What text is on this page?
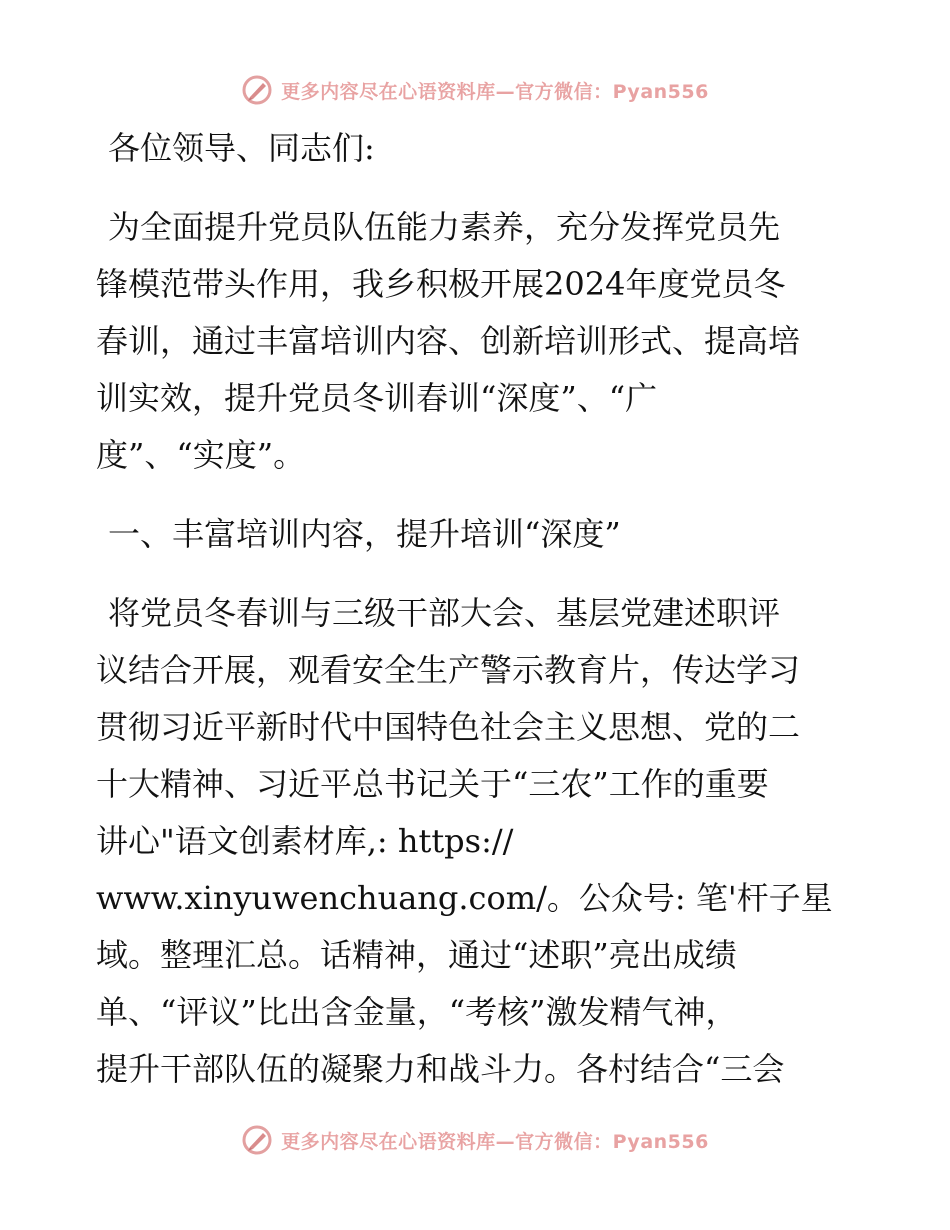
更多内容尽在心语资料库—官方微信：Pyan556
各位领导、同志们:
为全面提升党员队伍能力素养，充分发挥党员先
锋模范带头作用，我乡积极开展2024年度党员冬
春训，通过丰富培训内容、创新培训形式、提高培
训实效，提升党员冬训春训“深度”、“广
度”、“实度”。
一、丰富培训内容，提升培训“深度”
将党员冬春训与三级干部大会、基层党建述职评
议结合开展，观看安全生产警示教育片，传达学习
贯彻习近平新时代中国特色社会主义思想、党的二
十大精神、习近平总书记关于“三农”工作的重要
讲心"语文创素材库,: https://
www.xinyuwenchuang.com/。公众号: 笔'杆子星
域。整理汇总。话精神，通过“述职”亮出成绩
单、“评议”比出含金量，“考核”激发精气神，
提升干部队伍的凝聚力和战斗力。各村结合“三会
更多内容尽在心语资料库—官方微信：Pyan556
